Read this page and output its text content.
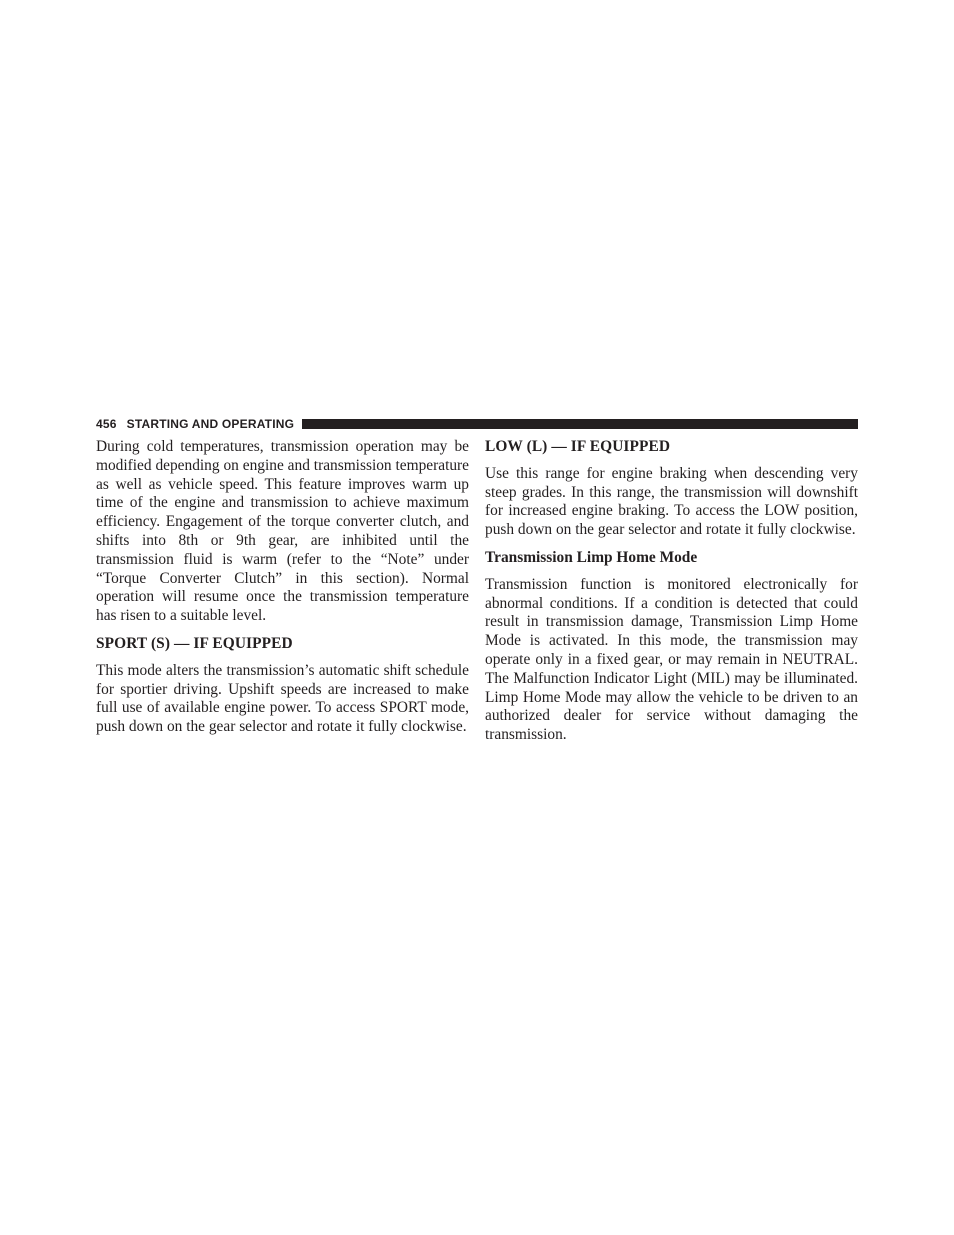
456 STARTING AND OPERATING

During cold temperatures, transmission operation may be modified depending on engine and transmission temperature as well as vehicle speed. This feature improves warm up time of the engine and transmission to achieve maximum efficiency. Engagement of the torque converter clutch, and shifts into 8th or 9th gear, are inhibited until the transmission fluid is warm (refer to the “Note” under “Torque Converter Clutch” in this section). Normal operation will resume once the transmission temperature has risen to a suitable level.

SPORT (S) — IF EQUIPPED

This mode alters the transmission’s automatic shift schedule for sportier driving. Upshift speeds are increased to make full use of available engine power. To access SPORT mode, push down on the gear selector and rotate it fully clockwise.

LOW (L) — IF EQUIPPED

Use this range for engine braking when descending very steep grades. In this range, the transmission will downshift for increased engine braking. To access the LOW position, push down on the gear selector and rotate it fully clockwise.

Transmission Limp Home Mode

Transmission function is monitored electronically for abnormal conditions. If a condition is detected that could result in transmission damage, Transmission Limp Home Mode is activated. In this mode, the transmission may operate only in a fixed gear, or may remain in NEUTRAL. The Malfunction Indicator Light (MIL) may be illuminated. Limp Home Mode may allow the vehicle to be driven to an authorized dealer for service without damaging the transmission.
